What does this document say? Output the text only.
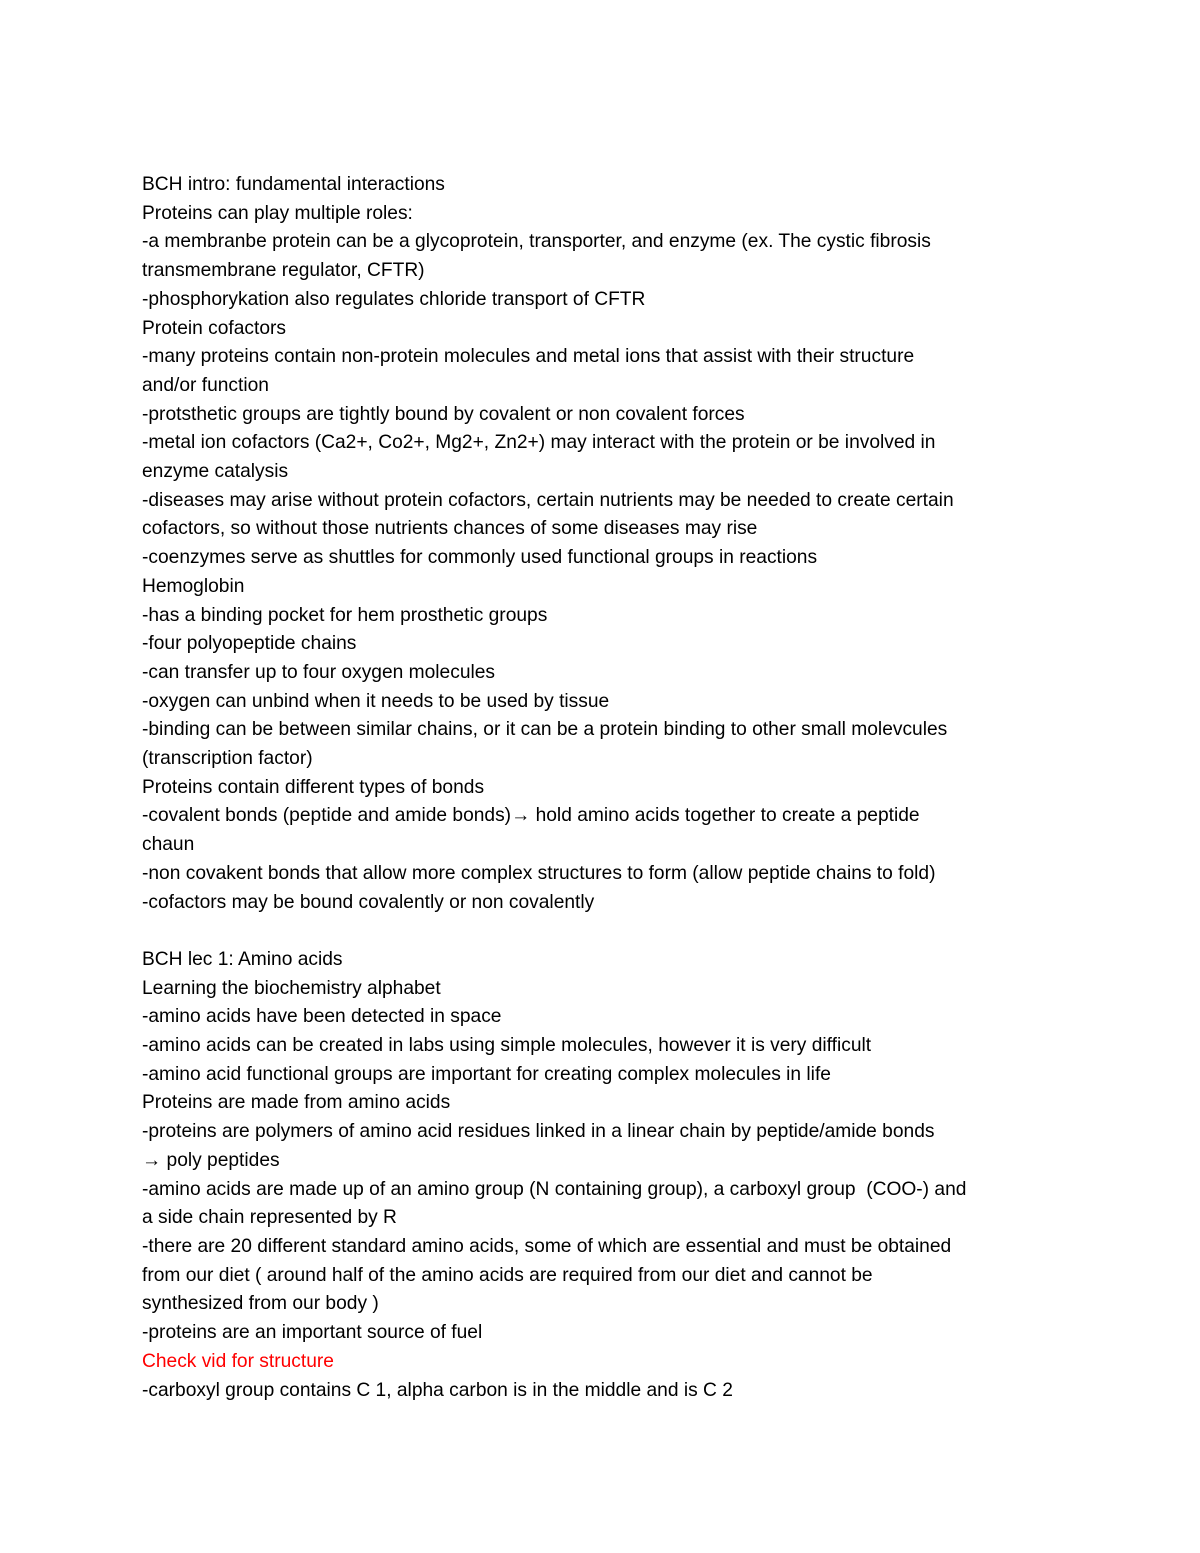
BCH intro: fundamental interactions

Proteins can play multiple roles:

-a membranbe protein can be a glycoprotein, transporter, and enzyme (ex. The cystic fibrosis

transmembrane regulator, CFTR)

-phosphorykation also regulates chloride transport of CFTR

Protein cofactors

-many proteins contain non-protein molecules and metal ions that assist with their structure

and/or function

-protsthetic groups are tightly bound by covalent or non covalent forces

-metal ion cofactors (Ca2+, Co2+, Mg2+, Zn2+) may interact with the protein or be involved in

enzyme catalysis

-diseases may arise without protein cofactors, certain nutrients may be needed to create certain

cofactors, so without those nutrients chances of some diseases may rise

-coenzymes serve as shuttles for commonly used functional groups in reactions

Hemoglobin

-has a binding pocket for hem prosthetic groups

-four polyopeptide chains

-can transfer up to four oxygen molecules

-oxygen can unbind when it needs to be used by tissue

-binding can be between similar chains, or it can be a protein binding to other small molevcules

(transcription factor)

Proteins contain different types of bonds

-covalent bonds (peptide and amide bonds)→ hold amino acids together to create a peptide

chaun

-non covakent bonds that allow more complex structures to form (allow peptide chains to fold)

-cofactors may be bound covalently or non covalently

BCH lec 1: Amino acids

Learning the biochemistry alphabet

-amino acids have been detected in space

-amino acids can be created in labs using simple molecules, however it is very difficult

-amino acid functional groups are important for creating complex molecules in life

Proteins are made from amino acids

-proteins are polymers of amino acid residues linked in a linear chain by peptide/amide bonds

→ poly peptides

-amino acids are made up of an amino group (N containing group), a carboxyl group  (COO-) and

a side chain represented by R

-there are 20 different standard amino acids, some of which are essential and must be obtained

from our diet ( around half of the amino acids are required from our diet and cannot be

synthesized from our body )

-proteins are an important source of fuel

Check vid for structure

-carboxyl group contains C 1, alpha carbon is in the middle and is C 2
